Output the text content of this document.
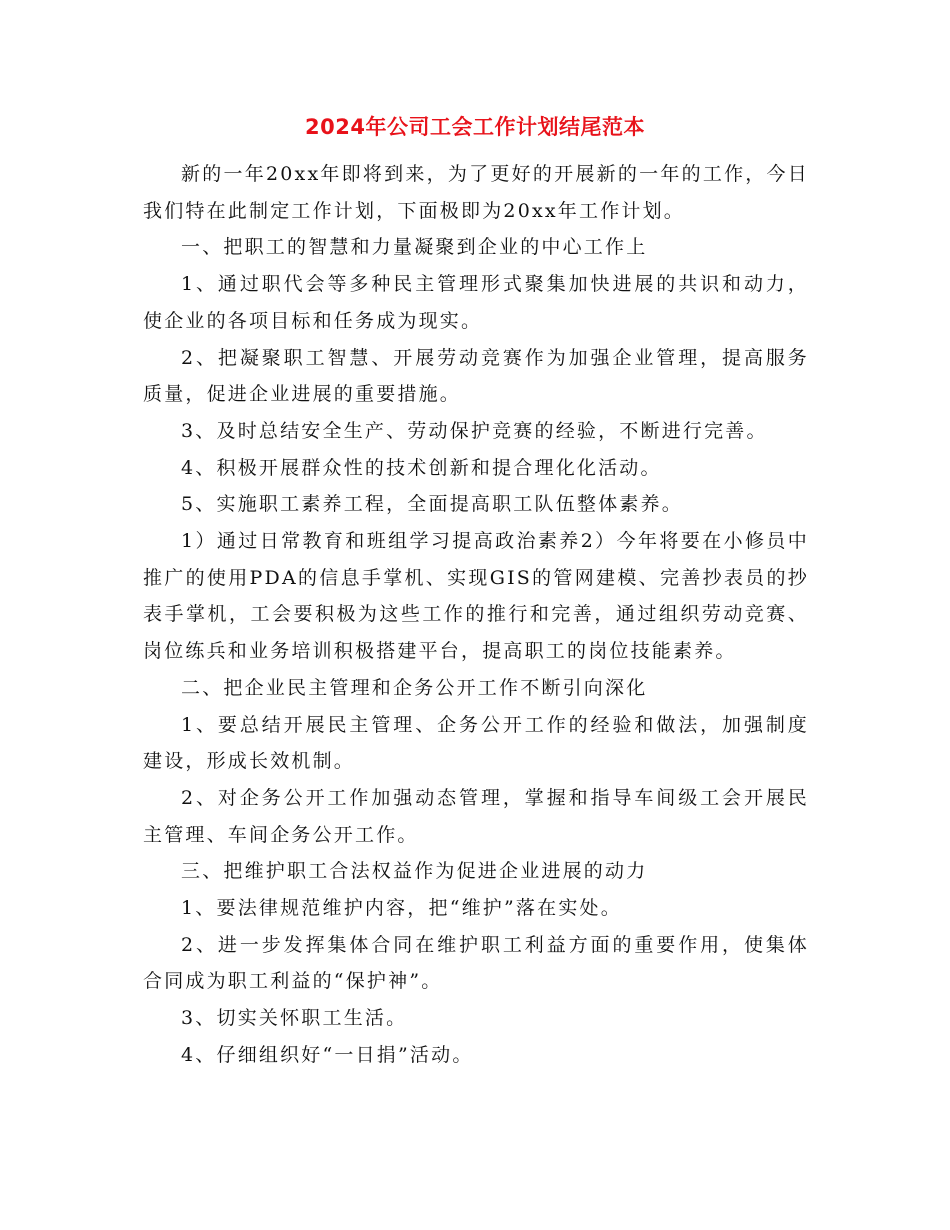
2024年公司工会工作计划结尾范本

新的一年20xx年即将到来，为了更好的开展新的一年的工作，今日我们特在此制定工作计划，下面极即为20xx年工作计划。

一、把职工的智慧和力量凝聚到企业的中心工作上

1、通过职代会等多种民主管理形式聚集加快进展的共识和动力，使企业的各项目标和任务成为现实。

2、把凝聚职工智慧、开展劳动竞赛作为加强企业管理，提高服务质量，促进企业进展的重要措施。

3、及时总结安全生产、劳动保护竞赛的经验，不断进行完善。

4、积极开展群众性的技术创新和提合理化化活动。

5、实施职工素养工程，全面提高职工队伍整体素养。

1）通过日常教育和班组学习提高政治素养2）今年将要在小修员中推广的使用PDA的信息手掌机、实现GIS的管网建模、完善抄表员的抄表手掌机，工会要积极为这些工作的推行和完善，通过组织劳动竞赛、岗位练兵和业务培训积极搭建平台，提高职工的岗位技能素养。

二、把企业民主管理和企务公开工作不断引向深化

1、要总结开展民主管理、企务公开工作的经验和做法，加强制度建设，形成长效机制。

2、对企务公开工作加强动态管理，掌握和指导车间级工会开展民主管理、车间企务公开工作。

三、把维护职工合法权益作为促进企业进展的动力

1、要法律规范维护内容，把“维护”落在实处。

2、进一步发挥集体合同在维护职工利益方面的重要作用，使集体合同成为职工利益的“保护神”。

3、切实关怀职工生活。

4、仔细组织好“一日捐”活动。
